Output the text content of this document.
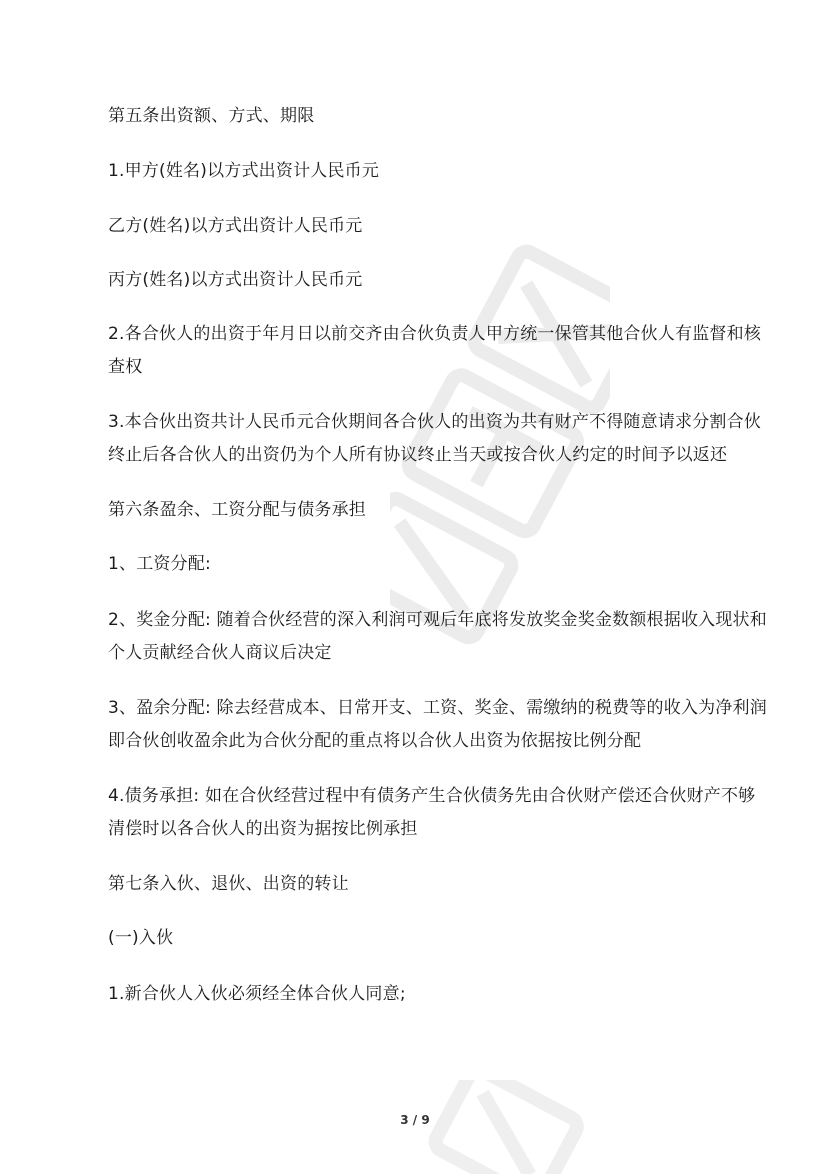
第五条出资额、方式、期限

1.甲方(姓名)以方式出资计人民币元

乙方(姓名)以方式出资计人民币元

丙方(姓名)以方式出资计人民币元

2.各合伙人的出资于年月日以前交齐由合伙负责人甲方统一保管其他合伙人有监督和核
查权

3.本合伙出资共计人民币元合伙期间各合伙人的出资为共有财产不得随意请求分割合伙
终止后各合伙人的出资仍为个人所有协议终止当天或按合伙人约定的时间予以返还

第六条盈余、工资分配与债务承担

1、工资分配:

2、奖金分配: 随着合伙经营的深入利润可观后年底将发放奖金奖金数额根据收入现状和
个人贡献经合伙人商议后决定

3、盈余分配: 除去经营成本、日常开支、工资、奖金、需缴纳的税费等的收入为净利润
即合伙创收盈余此为合伙分配的重点将以合伙人出资为依据按比例分配

4.债务承担: 如在合伙经营过程中有债务产生合伙债务先由合伙财产偿还合伙财产不够
清偿时以各合伙人的出资为据按比例承担

第七条入伙、退伙、出资的转让

(一)入伙

1.新合伙人入伙必须经全体合伙人同意;

3 / 9
